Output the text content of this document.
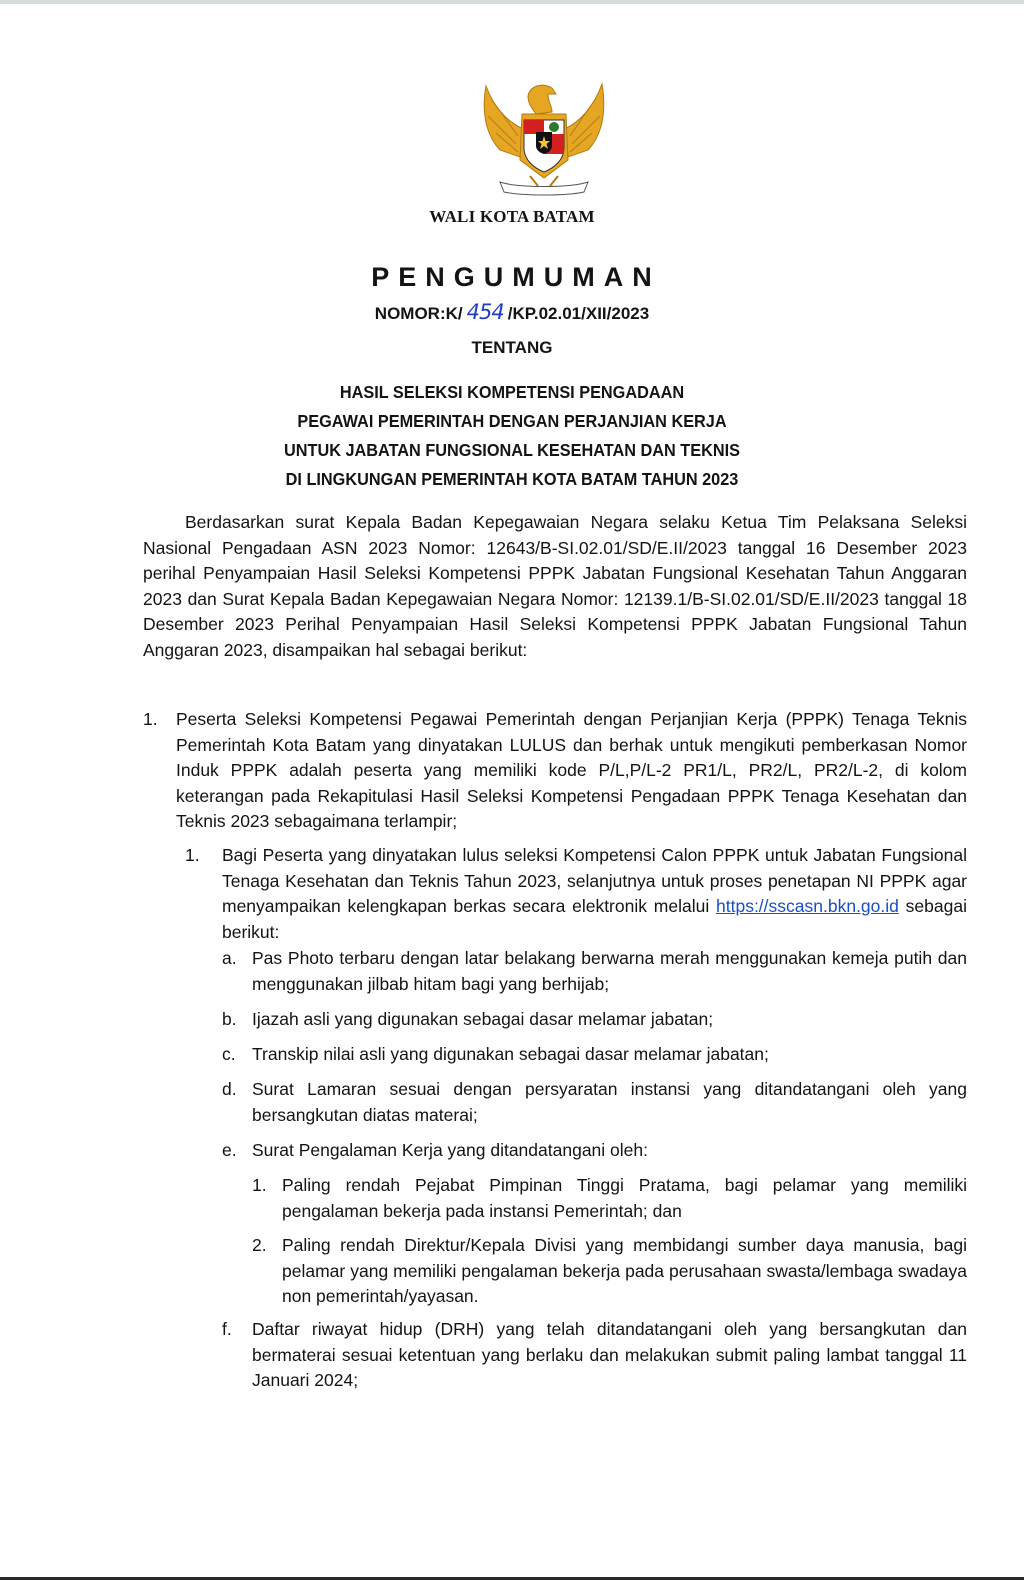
WALI KOTA BATAM
PENGUMUMAN
NOMOR:K/ 454 /KP.02.01/XII/2023
TENTANG
HASIL SELEKSI KOMPETENSI PENGADAAN
PEGAWAI PEMERINTAH DENGAN PERJANJIAN KERJA
UNTUK JABATAN FUNGSIONAL KESEHATAN DAN TEKNIS
DI LINGKUNGAN PEMERINTAH KOTA BATAM TAHUN 2023
Berdasarkan surat Kepala Badan Kepegawaian Negara selaku Ketua Tim Pelaksana Seleksi Nasional Pengadaan ASN 2023 Nomor: 12643/B-SI.02.01/SD/E.II/2023 tanggal 16 Desember 2023 perihal Penyampaian Hasil Seleksi Kompetensi PPPK Jabatan Fungsional Kesehatan Tahun Anggaran 2023 dan Surat Kepala Badan Kepegawaian Negara Nomor: 12139.1/B-SI.02.01/SD/E.II/2023 tanggal 18 Desember 2023 Perihal Penyampaian Hasil Seleksi Kompetensi PPPK Jabatan Fungsional Tahun Anggaran 2023, disampaikan hal sebagai berikut:
1. Peserta Seleksi Kompetensi Pegawai Pemerintah dengan Perjanjian Kerja (PPPK) Tenaga Teknis Pemerintah Kota Batam yang dinyatakan LULUS dan berhak untuk mengikuti pemberkasan Nomor Induk PPPK adalah peserta yang memiliki kode P/L,P/L-2 PR1/L, PR2/L, PR2/L-2, di kolom keterangan pada Rekapitulasi Hasil Seleksi Kompetensi Pengadaan PPPK Tenaga Kesehatan dan Teknis 2023 sebagaimana terlampir;
1. Bagi Peserta yang dinyatakan lulus seleksi Kompetensi Calon PPPK untuk Jabatan Fungsional Tenaga Kesehatan dan Teknis Tahun 2023, selanjutnya untuk proses penetapan NI PPPK agar menyampaikan kelengkapan berkas secara elektronik melalui https://sscasn.bkn.go.id sebagai berikut:
a. Pas Photo terbaru dengan latar belakang berwarna merah menggunakan kemeja putih dan menggunakan jilbab hitam bagi yang berhijab;
b. Ijazah asli yang digunakan sebagai dasar melamar jabatan;
c. Transkip nilai asli yang digunakan sebagai dasar melamar jabatan;
d. Surat Lamaran sesuai dengan persyaratan instansi yang ditandatangani oleh yang bersangkutan diatas materai;
e. Surat Pengalaman Kerja yang ditandatangani oleh:
1. Paling rendah Pejabat Pimpinan Tinggi Pratama, bagi pelamar yang memiliki pengalaman bekerja pada instansi Pemerintah; dan
2. Paling rendah Direktur/Kepala Divisi yang membidangi sumber daya manusia, bagi pelamar yang memiliki pengalaman bekerja pada perusahaan swasta/lembaga swadaya non pemerintah/yayasan.
f. Daftar riwayat hidup (DRH) yang telah ditandatangani oleh yang bersangkutan dan bermaterai sesuai ketentuan yang berlaku dan melakukan submit paling lambat tanggal 11 Januari 2024;
